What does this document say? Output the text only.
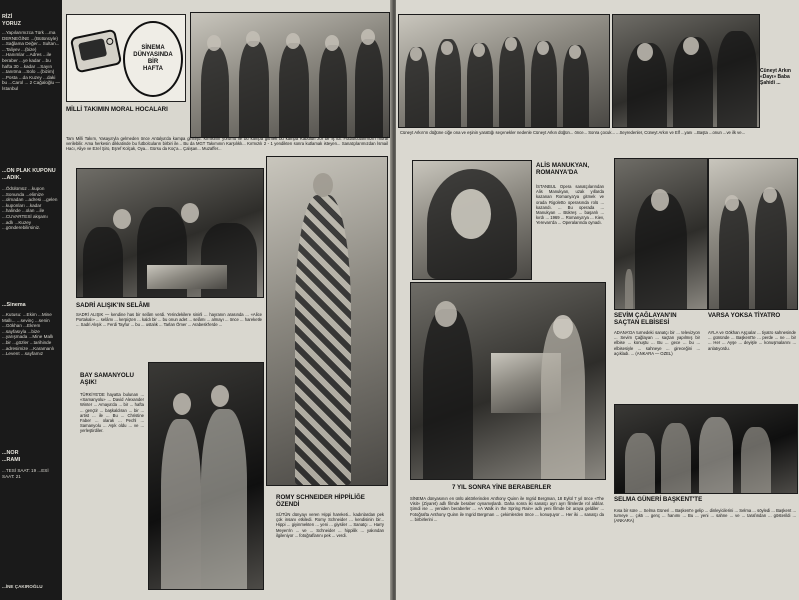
RİZİ
YORUZ
...Yapılarımızca Türk ...ma DERNEĞİNE ...(Bütünüyle) ...Sağlama Değer... Sultan... ...Taliyev ...(bize) ...Hanımlar ...Adres ...ile beraber ...ye kadar ...bu hafta 30 ...kadar ...Sayın ...tanıtma ...Solo ...(bizim) ...Posta ...da Kuzey ...daki bu ...Carol ... 2 Cağaloğlu — İstanbul
...ON PLAK KUPONU
...ADIK.
...Ödülümüz ...kupon ...Sonunda ...elimize ...olmadan ...adresi ...gelen ...kuponları ...kadar ...halinde ...olan ...ile ...CUVARTESİ akşamı ...adlı ...Kuzey ...gönderebilirsiniz.
...Sinema
...Kutusu: ...Ekim ...Mine Mallı... ...sevinç ...senin ...Gökhan ...Ekrem ...sayfasıyla ...bize ...yarışmada ...Mine Mallı ...bir ...gözler ...tarihinde ...adresimize ...Karamanlı ...Levent ...sayfamız
...NOR
...RAMI
...TESİ SAAT: 19 ...ESİ SAAT: 21
...İNE ÇAKIROĞLU
SİNEMA
DÜNYASINDA
BİR
HAFTA
MİLLİ TAKIMIN MORAL HOCALARI
Tam Milli Takım, Yasaya'yla gelmeden önce Antalya'da kampa girmişti. Kimisinin yorumu ile bu kampa gitmek bu kampa Kabulün zor bir iş idi. Futbolcularımızın moral verilebilir. Ama herkesin dikkatinde bu futbolcuların birbiri ile... Bu da MGT Takımının Karşılıklı... Kırmızılı 2 - 1 yendikten sonra kutlamak isteyen... Sanatçılarımızdan İsmail Hacı, Aliye ve Ezel Şiro, Eşref Kolçak, Oya... Gürsu da Koç'a... Çalışan... Muzaffer...
SADRİ ALIŞIK'IN SELÂMI
SADRİ ALIŞIK — kendine has bir selâm verdi. Yerindekilere sinirli ... hayranın arasında ... «Alice Portakalı» ... selâmı ... kerpiçten ... kaldı bir ... bu onun adet ... selâmı ... almayı ... önce ... hareketle ... Sadri Alışık ... Ferdi Tayfur ... bu ... ustalık ... Tarlan Ömer ... Arabesk'lerde ...
BAY SAMANYOLU AŞIK!
TÜRKİYE'DE hayatta bulunan ... «Samanyolu» ... David Alexander Winter ... Amaya'da ... bir ... hafta ... gençtir ... başkaldıran ... bir ... artist ... ile ... Bu ... Christine Faber ... olarak ... Pechl ... Samanyolu ... Aşık oldu ... ve ... yerleştirdiler.
ROMY SCHNEIDER HİPPİLİĞE ÖZENDİ
SÜTÜN dünyayı veren Hippi hareketi... kadınlardan pek çok insanı etkiledi. Romy Schneider ... kendisinin bir... Hippi ... giyinmekten ... yeni ... giysiler ... Sanatçı ... Harry Meyen'in ... ve ... Schneider ... hippilik ... yakından ilgileniyor ... fotoğraflarını pek ... verdi.
Cüneyt Arkın «Dayı» Baba Şahidi ...
Cüneyt Arkın'ın düğüne ciğe ona ve eşinin yarattığı seçenekler nedenle Cüneyt Arkın düğün... önce... Sonra çocuk... ...Seyredenler, Cüneyt Arkın ve Elf ...yanı ...Başta ...onun ...ve ilk ve...
ALİS MANUKYAN, ROMANYA'DA
İSTANBUL Opera sanatçılarından Alis Manukyan, uzak yıllarda kazanan Romanya'ya gitmek ve orada Rigoletto operasında rolü ... kazandı. ... Bu operada ... Manukyan ... Bükreş ... başarılı ... kırdı ... 1969 ... Romanya'ya ... Kiev, Yerevan'da ... Operalarında oynadı.
SEVİM ÇAĞLAYAN'IN SAÇTAN ELBİSESİ
ADANA'DA turnedeki sanatçı bir ... televizyon ... Sevim Çağlayan ... saçtan yapılmış bir elbise ... konuştu ... Bu ... gece ... bu ... elbisesiyle ... sahneye ... gireceğini ... açıkladı. ... (ANKARA — OZEL)
VARSA YOKSA TİYATRO
AYLA ve Gökhan Aşçıalar ... tiyatro sahnesinde ... gününde ... Başkent'te ... perde ... ne ... bir ... Her ... Ayşe ... deyişle ... konuşmalarını ... anlatıyordu.
7 YIL SONRA YİNE BERABERLER
SİNEMA dünyasının en ünlü aktörlerinden Anthony Quinn ile Ingrid Bergman, 18 Eylül 7 yıl önce «The Visit» (Ziyaret) adlı filmde beraber oynamışlardı. Daha sonra iki sanatçı ayrı ayrı filmlerde rol aldılar. Şimdi ise ... yeniden beraberler ... «A Walk in the Spring Rain» adlı yeni filmde bir araya geldiler ... Fotoğrafta Anthony Quinn ile Ingrid Bergman ... çekimlerden önce ... konuşuyor ... Her iki ... sanatçı da ... birbirlerini ...
SELMA GÜNERİ BAŞKENT'TE
Kısa bir süre ... Selma Güneri ... Başkent'e gelip ... dinleyicilerini ... Selma ... söyledi ... Başkent ... turneye ... çıktı ... genç ... hanımı ... Bu ... yeni ... sahne ... ve ... tarafından ... gösterildi ... (ANKARA)
